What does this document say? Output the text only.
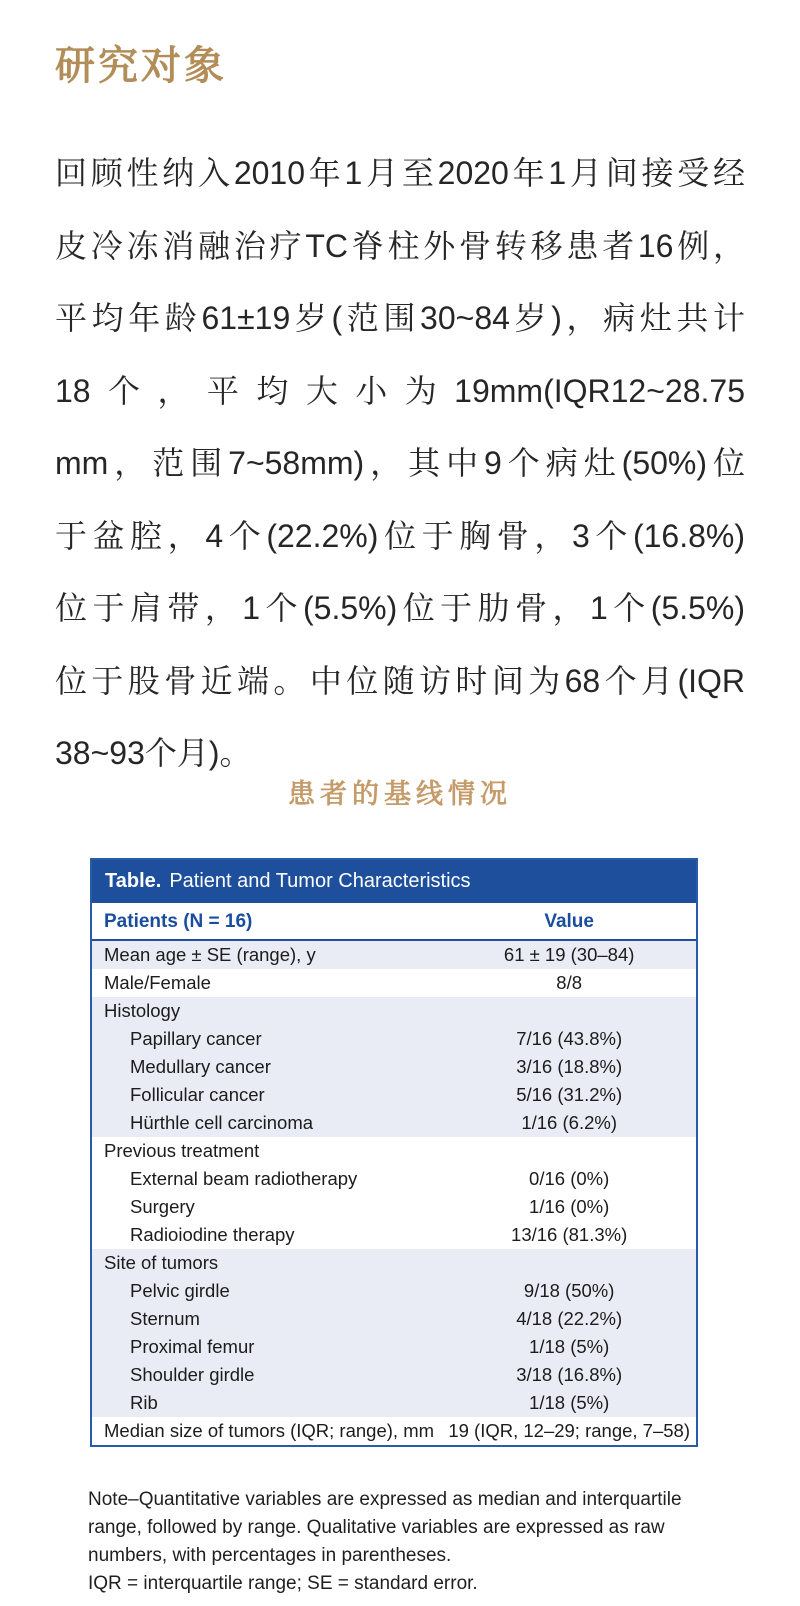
研究对象
回顾性纳入2010年1月至2020年1月间接受经
皮冷冻消融治疗TC脊柱外骨转移患者16例，
平均年龄61±19岁(范围30~84岁)，病灶共计
18个，平均大小为19mm(IQR12~28.75
mm，范围7~58mm)，其中9个病灶(50%)位
于盆腔，4个(22.2%)位于胸骨，3个(16.8%)
位于肩带，1个(5.5%)位于肋骨，1个(5.5%)
位于股骨近端。中位随访时间为68个月(IQR
38~93个月)。
患者的基线情况
Table. Patient and Tumor Characteristics
Patients (N = 16)	Value
Mean age ± SE (range), y	61 ± 19 (30–84)
Male/Female	8/8
Histology
Papillary cancer	7/16 (43.8%)
Medullary cancer	3/16 (18.8%)
Follicular cancer	5/16 (31.2%)
Hürthle cell carcinoma	1/16 (6.2%)
Previous treatment
External beam radiotherapy	0/16 (0%)
Surgery	1/16 (0%)
Radioiodine therapy	13/16 (81.3%)
Site of tumors
Pelvic girdle	9/18 (50%)
Sternum	4/18 (22.2%)
Proximal femur	1/18 (5%)
Shoulder girdle	3/18 (16.8%)
Rib	1/18 (5%)
Median size of tumors (IQR; range), mm 19 (IQR, 12–29; range, 7–58)

Note–Quantitative variables are expressed as median and interquartile range, followed by range. Qualitative variables are expressed as raw numbers, with percentages in parentheses.

IQR = interquartile range; SE = standard error.
